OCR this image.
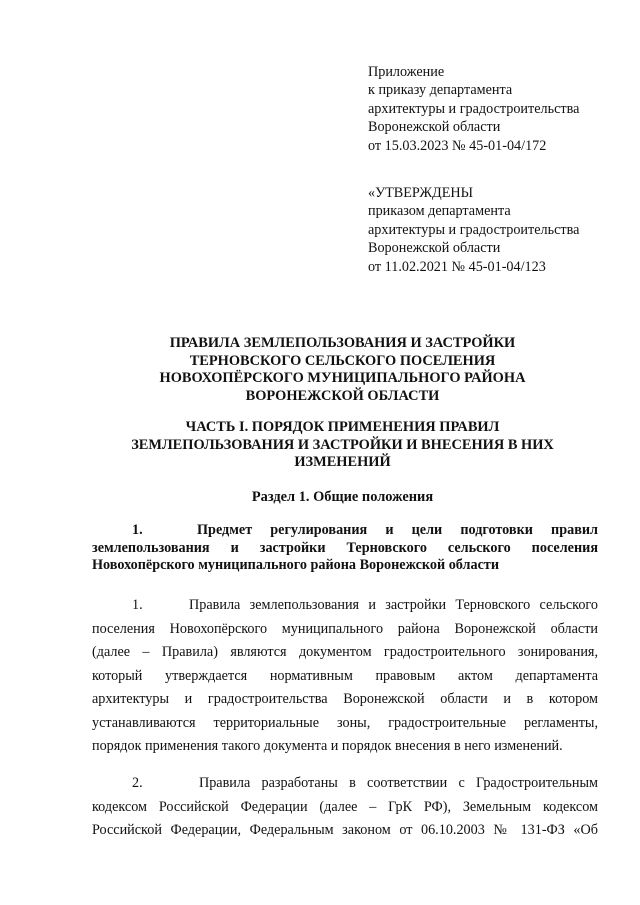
Приложение
к приказу департамента
архитектуры и градостроительства
Воронежской области
от 15.03.2023 № 45-01-04/172
«УТВЕРЖДЕНЫ
приказом департамента
архитектуры и градостроительства
Воронежской области
от 11.02.2021 № 45-01-04/123
ПРАВИЛА ЗЕМЛЕПОЛЬЗОВАНИЯ И ЗАСТРОЙКИ
ТЕРНОВСКОГО СЕЛЬСКОГО ПОСЕЛЕНИЯ
НОВОХОПЁРСКОГО МУНИЦИПАЛЬНОГО РАЙОНА
ВОРОНЕЖСКОЙ ОБЛАСТИ
ЧАСТЬ I. ПОРЯДОК ПРИМЕНЕНИЯ ПРАВИЛ
ЗЕМЛЕПОЛЬЗОВАНИЯ И ЗАСТРОЙКИ И ВНЕСЕНИЯ В НИХ
ИЗМЕНЕНИЙ
Раздел 1. Общие положения
1.   Предмет регулирования и цели подготовки правил
землепользования и застройки Терновского сельского поселения
Новохопёрского муниципального района Воронежской области
1.     Правила землепользования и застройки Терновского сельского
поселения Новохопёрского муниципального района Воронежской области
(далее – Правила) являются документом градостроительного зонирования,
который утверждается нормативным правовым актом департамента
архитектуры и градостроительства Воронежской области и в котором
устанавливаются территориальные зоны, градостроительные регламенты,
порядок применения такого документа и порядок внесения в него изменений.
2.     Правила разработаны в соответствии с Градостроительным
кодексом Российской Федерации (далее – ГрК РФ), Земельным кодексом
Российской Федерации, Федеральным законом от 06.10.2003 № 131-ФЗ «Об
